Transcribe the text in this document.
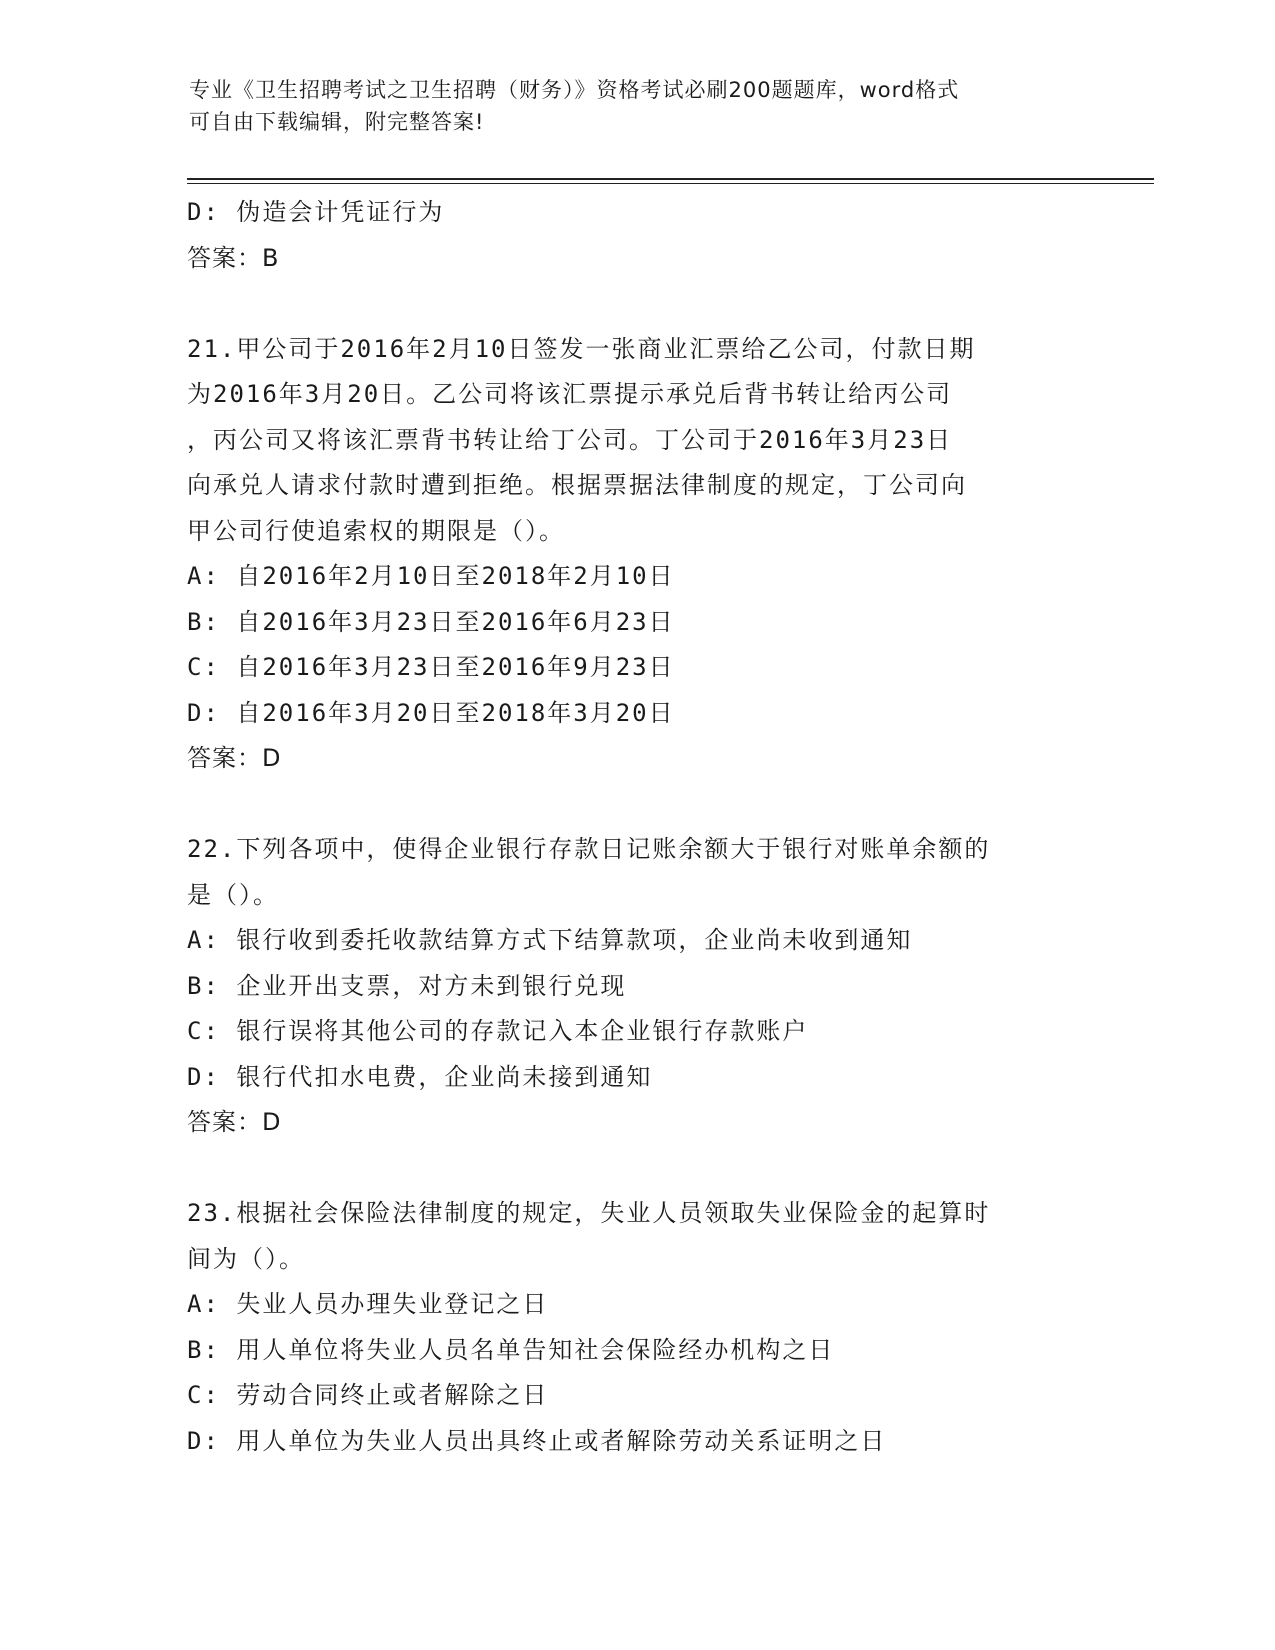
专业《卫生招聘考试之卫生招聘（财务）》资格考试必刷200题题库，word格式
可自由下载编辑，附完整答案!
D: 伪造会计凭证行为
答案：B
21.甲公司于2016年2月10日签发一张商业汇票给乙公司，付款日期
为2016年3月20日。乙公司将该汇票提示承兑后背书转让给丙公司
，丙公司又将该汇票背书转让给丁公司。丁公司于2016年3月23日
向承兑人请求付款时遭到拒绝。根据票据法律制度的规定，丁公司向
甲公司行使追索权的期限是（）。
A: 自2016年2月10日至2018年2月10日
B: 自2016年3月23日至2016年6月23日
C: 自2016年3月23日至2016年9月23日
D: 自2016年3月20日至2018年3月20日
答案：D
22.下列各项中，使得企业银行存款日记账余额大于银行对账单余额的
是（）。
A: 银行收到委托收款结算方式下结算款项，企业尚未收到通知
B: 企业开出支票，对方未到银行兑现
C: 银行误将其他公司的存款记入本企业银行存款账户
D: 银行代扣水电费，企业尚未接到通知
答案：D
23.根据社会保险法律制度的规定，失业人员领取失业保险金的起算时
间为（）。
A: 失业人员办理失业登记之日
B: 用人单位将失业人员名单告知社会保险经办机构之日
C: 劳动合同终止或者解除之日
D: 用人单位为失业人员出具终止或者解除劳动关系证明之日
